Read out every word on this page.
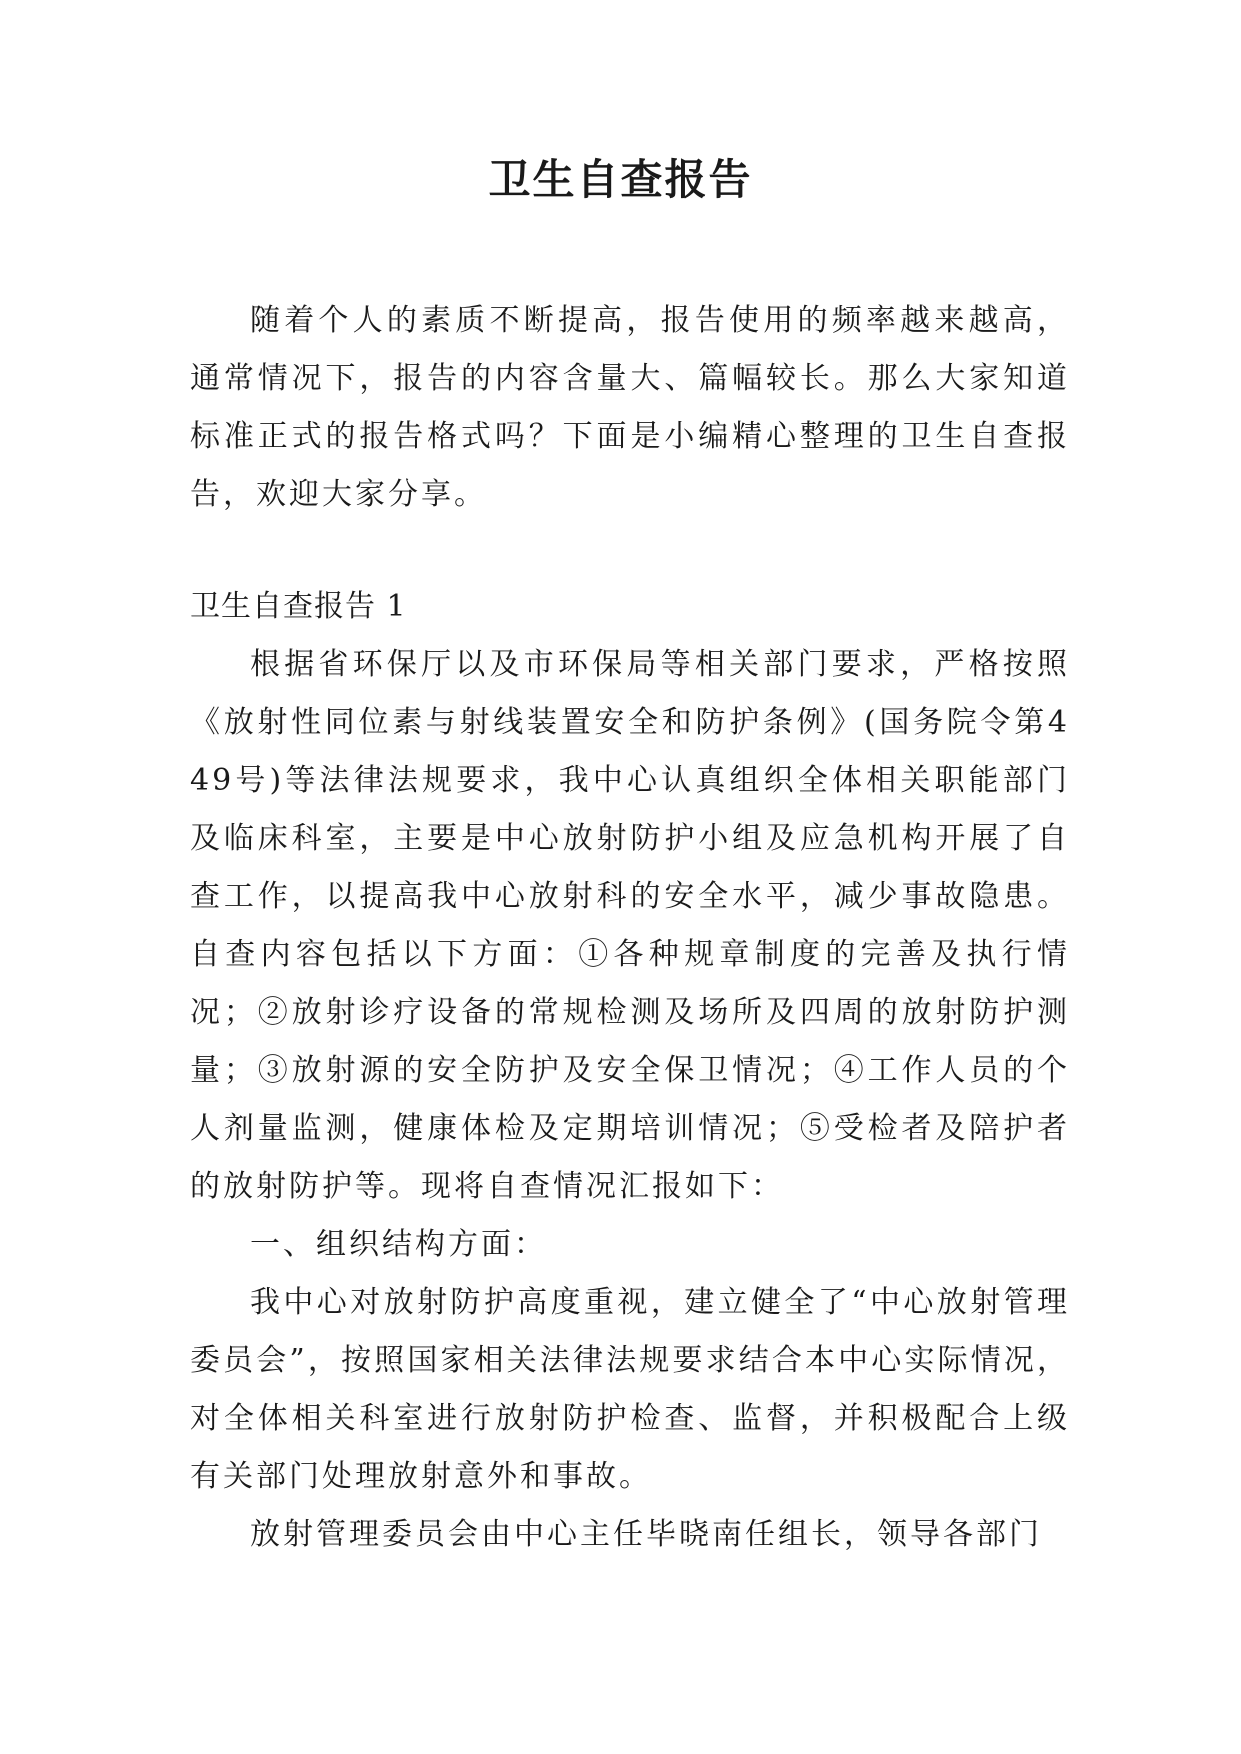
卫生自查报告

随着个人的素质不断提高，报告使用的频率越来越高，通常情况下，报告的内容含量大、篇幅较长。那么大家知道标准正式的报告格式吗？下面是小编精心整理的卫生自查报告，欢迎大家分享。

卫生自查报告 1

根据省环保厅以及市环保局等相关部门要求，严格按照《放射性同位素与射线装置安全和防护条例》(国务院令第449号)等法律法规要求，我中心认真组织全体相关职能部门及临床科室，主要是中心放射防护小组及应急机构开展了自查工作，以提高我中心放射科的安全水平，减少事故隐患。自查内容包括以下方面：①各种规章制度的完善及执行情况；②放射诊疗设备的常规检测及场所及四周的放射防护测量；③放射源的安全防护及安全保卫情况；④工作人员的个人剂量监测，健康体检及定期培训情况；⑤受检者及陪护者的放射防护等。现将自查情况汇报如下：

一、组织结构方面：

我中心对放射防护高度重视，建立健全了“中心放射管理委员会”，按照国家相关法律法规要求结合本中心实际情况，对全体相关科室进行放射防护检查、监督，并积极配合上级有关部门处理放射意外和事故。

放射管理委员会由中心主任毕晓南任组长，领导各部门
